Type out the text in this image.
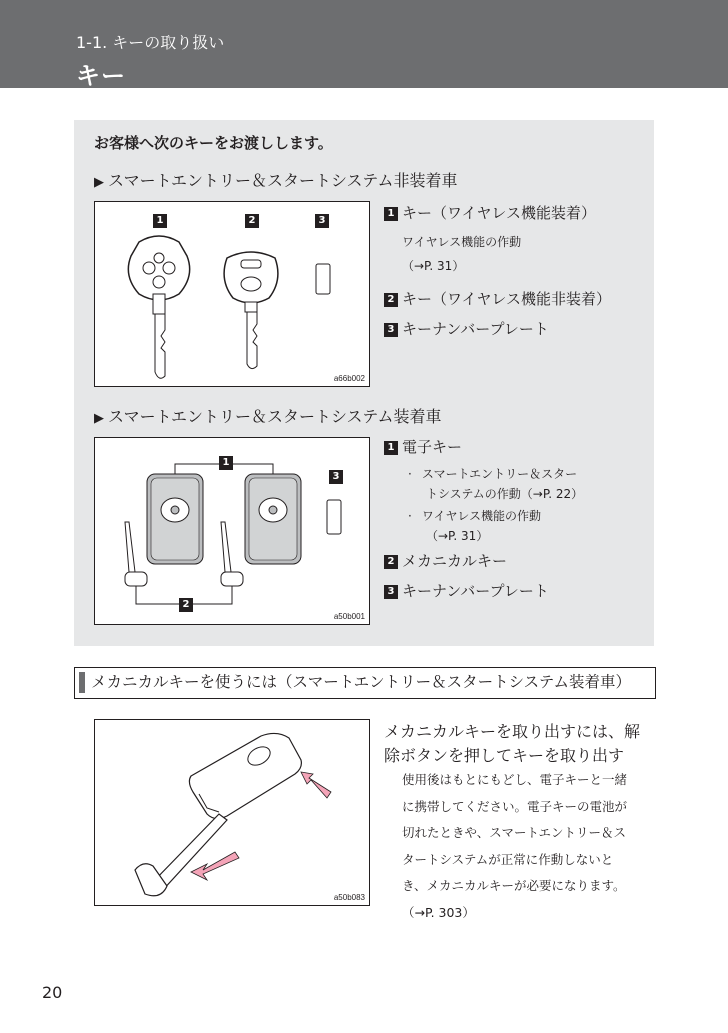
1-1. キーの取り扱い
キー
お客様へ次のキーをお渡しします。
▶ スマートエントリー＆スタートシステム非装着車
1	2	3
a66b002
1 キー（ワイヤレス機能装着）
ワイヤレス機能の作動
（→P. 31）
2 キー（ワイヤレス機能非装着）
3 キーナンバープレート
▶ スマートエントリー＆スタートシステム装着車
1
3
2
a50b001
1 電子キー
· スマートエントリー＆スター
トシステムの作動（→P. 22）
· ワイヤレス機能の作動
（→P. 31）
2 メカニカルキー
3 キーナンバープレート
メカニカルキーを使うには（スマートエントリー＆スタートシステム装着車）
a50b083
メカニカルキーを取り出すには、解
除ボタンを押してキーを取り出す
使用後はもとにもどし、電子キーと一緒
に携帯してください。電子キーの電池が
切れたときや、スマートエントリー＆ス
タートシステムが正常に作動しないと
き、メカニカルキーが必要になります。
（→P. 303）
20
